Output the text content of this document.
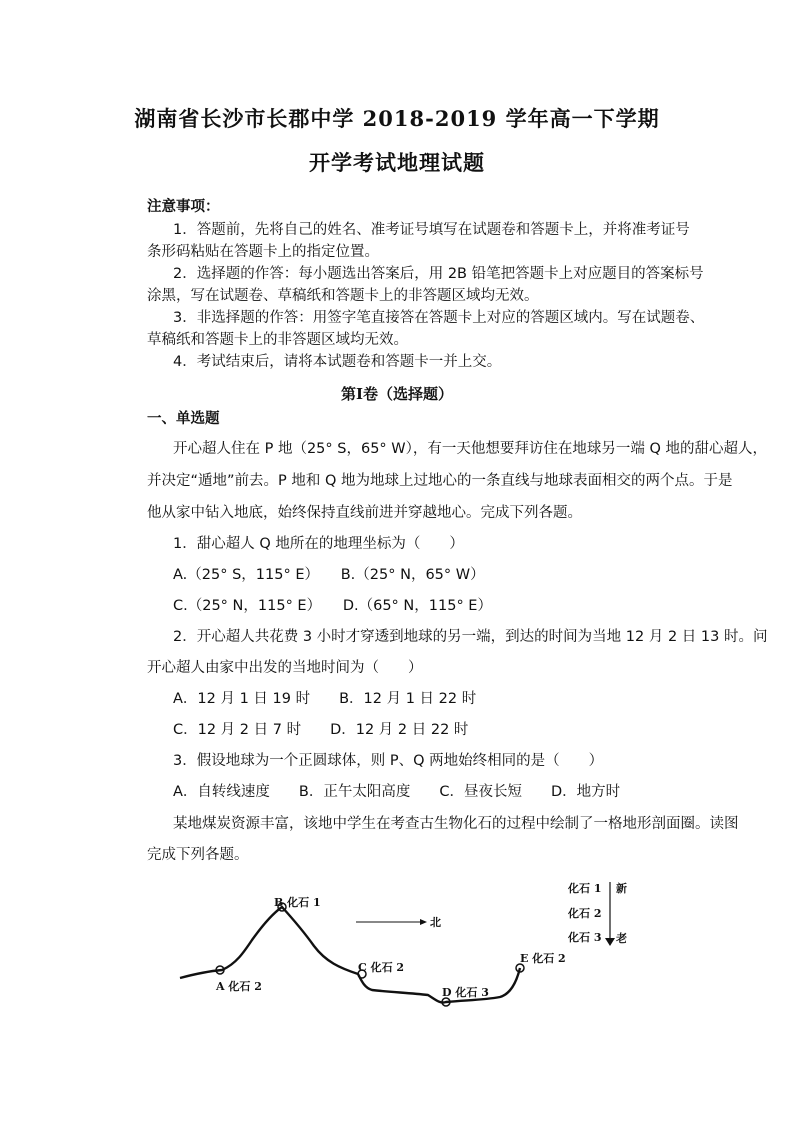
湖南省长沙市长郡中学 2018-2019 学年高一下学期
开学考试地理试题
注意事项：
1．答题前，先将自己的姓名、准考证号填写在试题卷和答题卡上，并将准考证号
条形码粘贴在答题卡上的指定位置。
2．选择题的作答：每小题选出答案后，用 2B 铅笔把答题卡上对应题目的答案标号
涂黑，写在试题卷、草稿纸和答题卡上的非答题区域均无效。
3．非选择题的作答：用签字笔直接答在答题卡上对应的答题区域内。写在试题卷、
草稿纸和答题卡上的非答题区域均无效。
4．考试结束后，请将本试题卷和答题卡一并上交。
第Ⅰ卷（选择题）
一、单选题
开心超人住在 P 地（25° S，65° W），有一天他想要拜访住在地球另一端 Q 地的甜心超人，
并决定“遁地”前去。P 地和 Q 地为地球上过地心的一条直线与地球表面相交的两个点。于是
他从家中钻入地底，始终保持直线前进并穿越地心。完成下列各题。
1．甜心超人 Q 地所在的地理坐标为（　　）
A.（25° S，115° E）　　B.（25° N，65° W）
C.（25° N，115° E）　　D.（65° N，115° E）
2．开心超人共花费 3 小时才穿透到地球的另一端，到达的时间为当地 12 月 2 日 13 时。问
开心超人由家中出发的当地时间为（　　）
A．12 月 1 日 19 时　　B．12 月 1 日 22 时
C．12 月 2 日 7 时　　D．12 月 2 日 22 时
3．假设地球为一个正圆球体，则 P、Q 两地始终相同的是（　　）
A．自转线速度　　B．正午太阳高度　　C．昼夜长短　　D．地方时
某地煤炭资源丰富，该地中学生在考查古生物化石的过程中绘制了一格地形剖面圈。读图
完成下列各题。
A 化石 2
B 化石 1
C 化石 2
D 化石 3
E 化石 2
北
化石 1
化石 2
化石 3
新
老
